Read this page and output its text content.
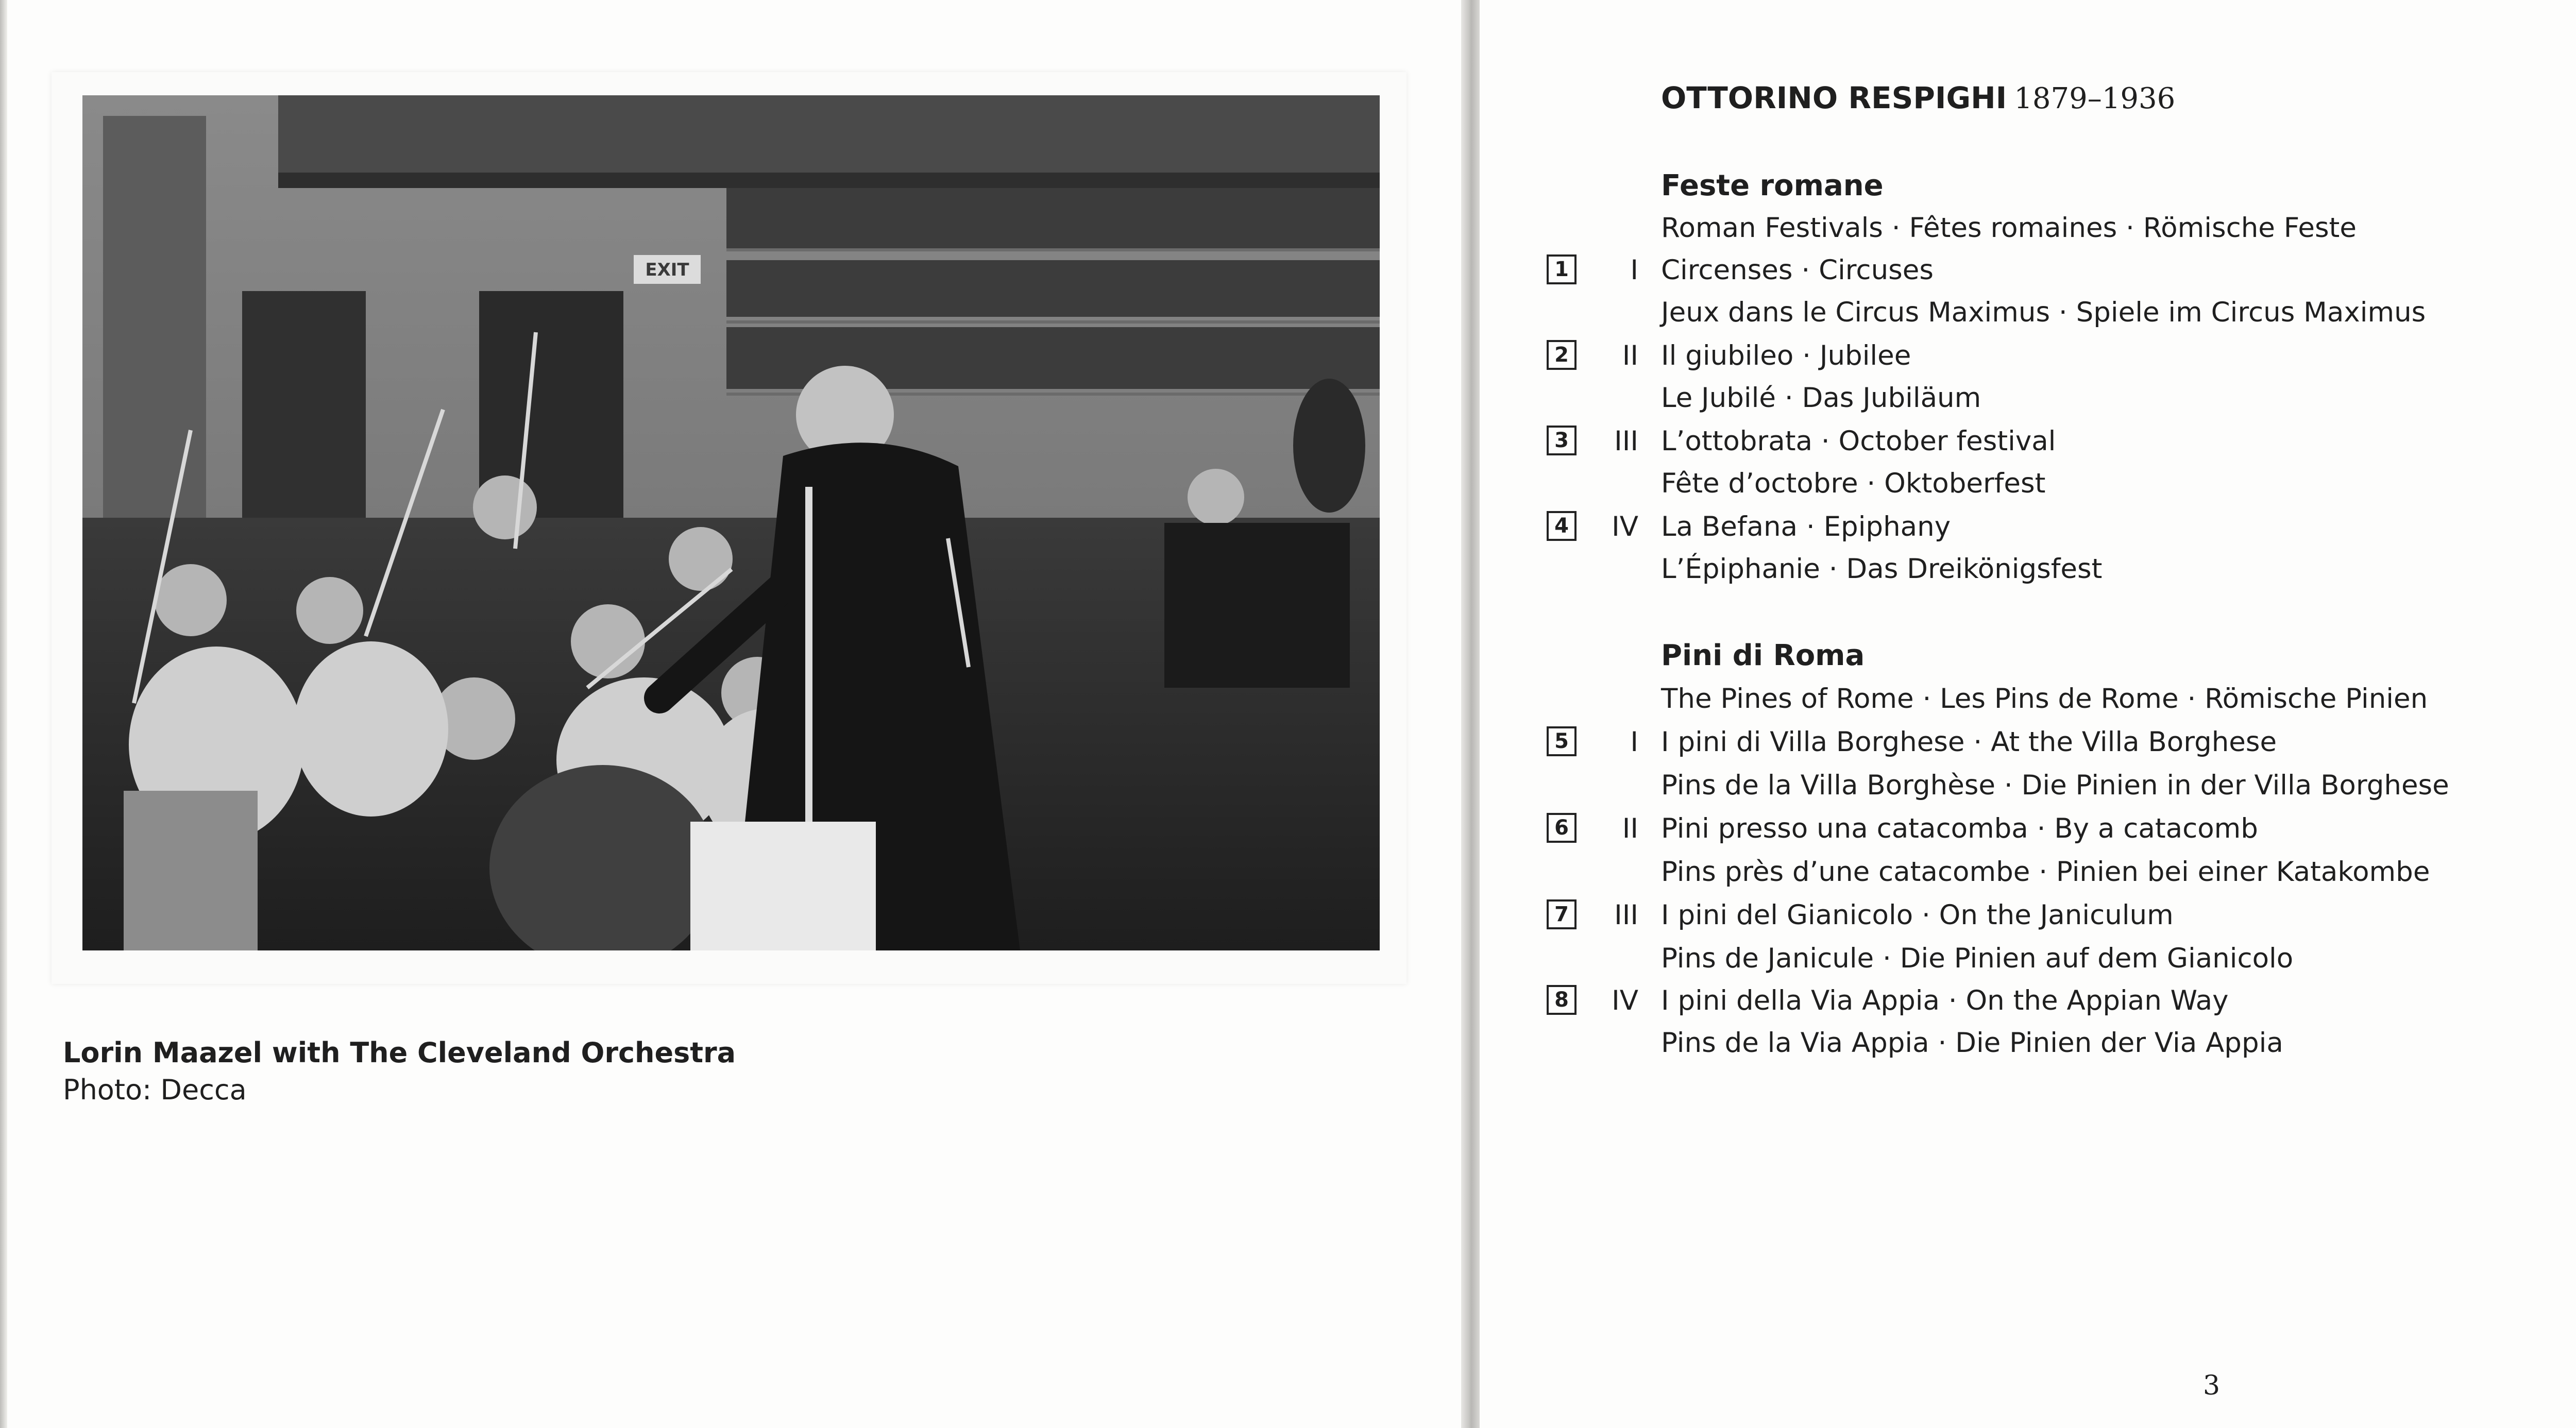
EXIT
Lorin Maazel with The Cleveland Orchestra
Photo: Decca
OTTORINO RESPIGHI 1879–1936
Feste romane
Roman Festivals · Fêtes romaines · Römische Feste
1	I Circenses · Circuses
Jeux dans le Circus Maximus · Spiele im Circus Maximus
2	II Il giubileo · Jubilee
Le Jubilé · Das Jubiläum
3	III L’ottobrata · October festival
Fête d’octobre · Oktoberfest
4	IV La Befana · Epiphany
L’Épiphanie · Das Dreikönigsfest
Pini di Roma
The Pines of Rome · Les Pins de Rome · Römische Pinien
5	I I pini di Villa Borghese · At the Villa Borghese
Pins de la Villa Borghèse · Die Pinien in der Villa Borghese
6	II Pini presso una catacomba · By a catacomb
Pins près d’une catacombe · Pinien bei einer Katakombe
7	III I pini del Gianicolo · On the Janiculum
Pins de Janicule · Die Pinien auf dem Gianicolo
8	IV I pini della Via Appia · On the Appian Way
Pins de la Via Appia · Die Pinien der Via Appia
3
